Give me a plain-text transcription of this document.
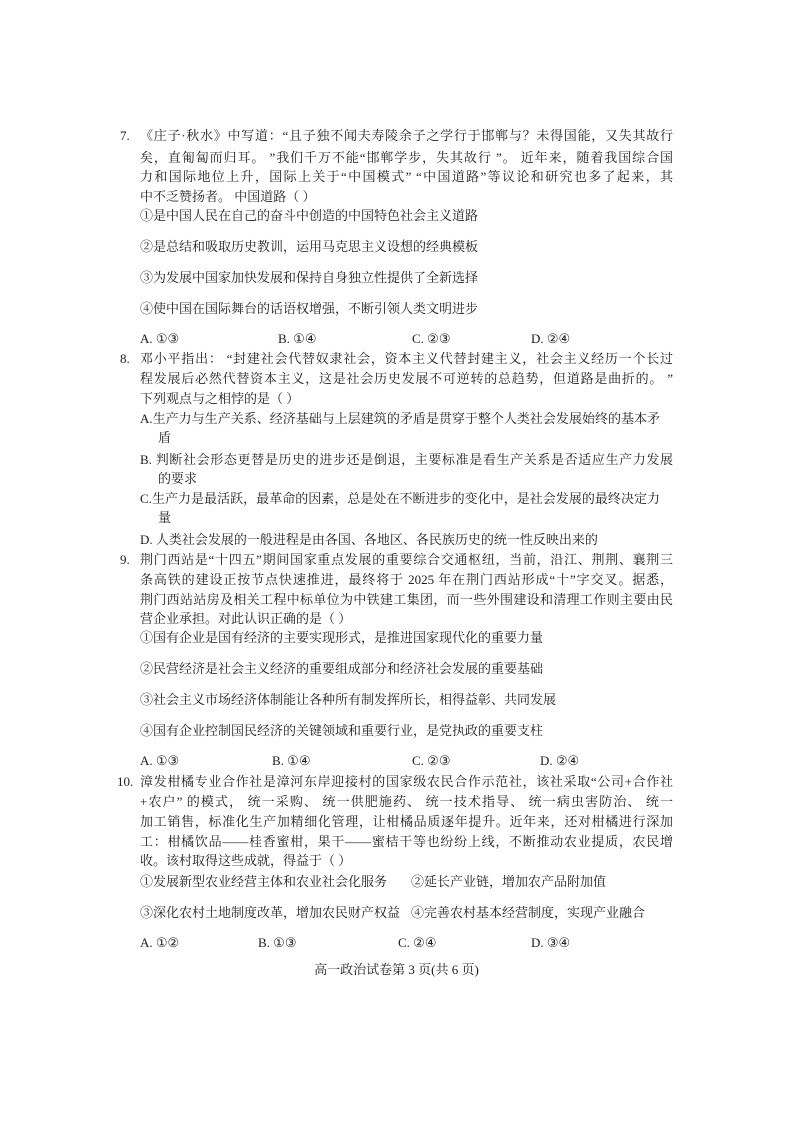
7. 《庄子·秋水》中写道：“且子独不闻夫寿陵余子之学行于邯郸与？未得国能，又失其故行
矣，直匍匐而归耳。 ”我们千万不能“邯郸学步，失其故行 ”。 近年来，随着我国综合国
力和国际地位上升，国际上关于“中国模式” “中国道路”等议论和研究也多了起来，其
中不乏赞扬者。 中国道路（ ）
①是中国人民在自己的奋斗中创造的中国特色社会主义道路
②是总结和吸取历史教训，运用马克思主义设想的经典模板
③为发展中国家加快发展和保持自身独立性提供了全新选择
④使中国在国际舞台的话语权增强，不断引领人类文明进步
A. ①③	B. ①④	C. ②③	D. ②④
8. 邓小平指出： “封建社会代替奴隶社会，资本主义代替封建主义，社会主义经历一个长过
程发展后必然代替资本主义，这是社会历史发展不可逆转的总趋势，但道路是曲折的。 ”
下列观点与之相悖的是（ ）
A.生产力与生产关系、经济基础与上层建筑的矛盾是贯穿于整个人类社会发展始终的基本矛
盾
B. 判断社会形态更替是历史的进步还是倒退，主要标准是看生产关系是否适应生产力发展
的要求
C.生产力是最活跃，最革命的因素，总是处在不断进步的变化中，是社会发展的最终决定力
量
D. 人类社会发展的一般进程是由各国、各地区、各民族历史的统一性反映出来的
9. 荆门西站是“十四五”期间国家重点发展的重要综合交通枢纽，当前，沿江、荆荆、襄荆三
条高铁的建设正按节点快速推进，最终将于 2025 年在荆门西站形成“十”字交叉。据悉，
荆门西站站房及相关工程中标单位为中铁建工集团，而一些外围建设和清理工作则主要由民
营企业承担。对此认识正确的是（ ）
①国有企业是国有经济的主要实现形式，是推进国家现代化的重要力量
②民营经济是社会主义经济的重要组成部分和经济社会发展的重要基础
③社会主义市场经济体制能让各种所有制发挥所长，相得益彰、共同发展
④国有企业控制国民经济的关键领域和重要行业，是党执政的重要支柱
A. ①③	B. ①④	C. ②③	D. ②④
10. 漳发柑橘专业合作社是漳河东岸迎接村的国家级农民合作示范社，该社采取“公司+合作社
+农户” 的模式， 统一采购、 统一供肥施药、 统一技术指导、 统一病虫害防治、 统一
加工销售，标准化生产加精细化管理，让柑橘品质逐年提升。近年来，还对柑橘进行深加
工：柑橘饮品——桂香蜜柑，果干——蜜桔干等也纷纷上线，不断推动农业提质，农民增
收。该村取得这些成就，得益于（ ）
①发展新型农业经营主体和农业社会化服务 ②延长产业链，增加农产品附加值
③深化农村土地制度改革，增加农民财产权益 ④完善农村基本经营制度，实现产业融合
A. ①②	B. ①③	C. ②④	D. ③④
高一政治试卷第 3 页(共 6 页)
